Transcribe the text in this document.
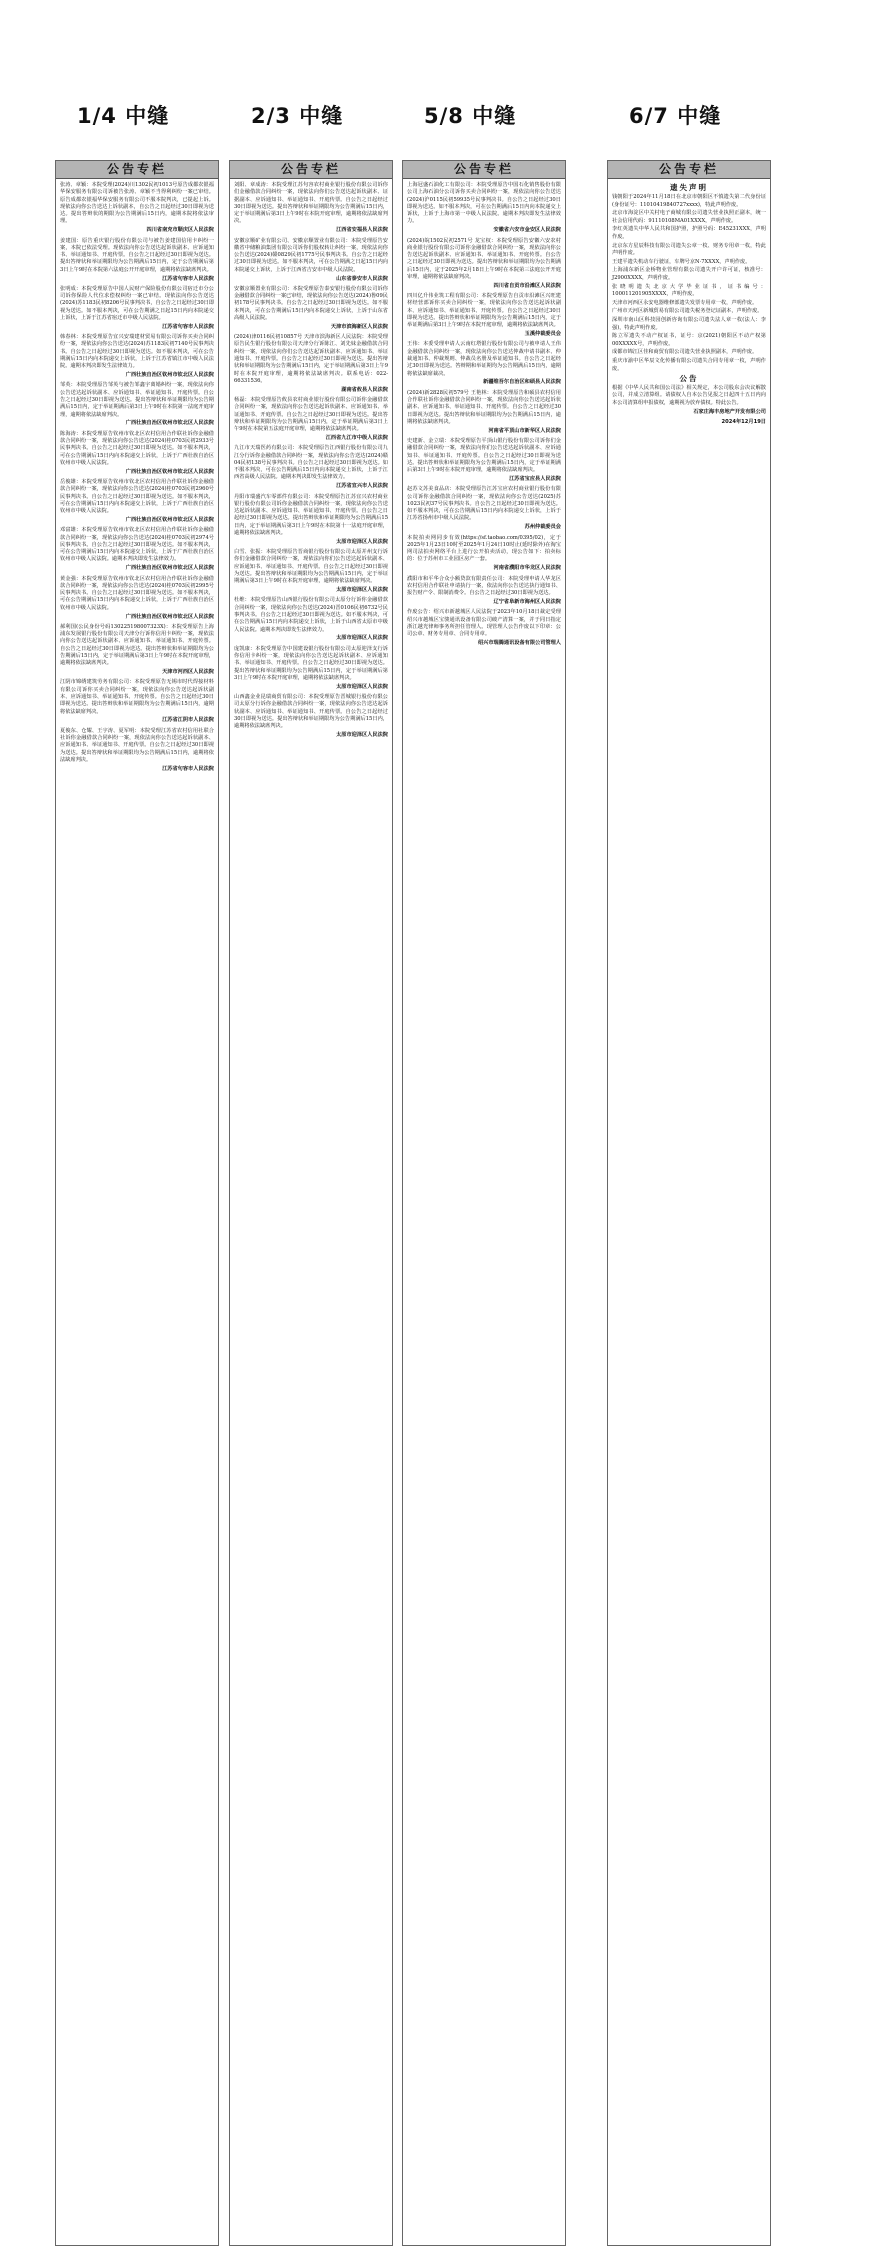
1/4 中缝
公告专栏

张涛、章颖：本院受理(2024)川1302民初1013号原告成都农银福华保安服务有限公司诉被告张涛、章颖不当得利纠纷一案已审结。原告成都农银福华保安服务有限公司不服本院判决，已提起上诉。现依法向你公告送达上诉状副本，自公告之日起经过30日即视为送达。提出答辩状的期限为公告期满后15日内，逾期本院将依法审理。

四川省南充市顺庆区人民法院

姜建国：原告重庆银行股份有限公司与被告姜建国信用卡纠纷一案，本院已依法受理。现依法向你公告送达起诉状副本、应诉通知书、举证通知书、开庭传票。自公告之日起经过30日即视为送达。提出答辩状和举证期限均为公告期满后15日内，定于公告期满后第3日上午9时在本院第六法庭公开开庭审理，逾期将依法缺席判决。

江苏省句容市人民法院

张明成：本院受理原告中国人民财产保险股份有限公司宿迁市分公司诉你保险人代位求偿权纠纷一案已审结。现依法向你公告送达(2024)苏1183民初8206号民事判决书，自公告之日起经过30日即视为送达。如不服本判决，可在公告期满之日起15日内向本院递交上诉状，上诉于江苏省宿迁市中级人民法院。

江苏省句容市人民法院

韩春林：本院受理原告宜兴安瑞建材贸易有限公司诉你买卖合同纠纷一案，现依法向你公告送达(2024)苏1183民初7140号民事判决书。自公告之日起经过30日即视为送达。如不服本判决，可在公告期满后15日内向本院递交上诉状，上诉于江苏省镇江市中级人民法院。逾期本判决即发生法律效力。

广西壮族自治区钦州市钦北区人民法院

邹英：本院受理原告邹英与被告邹鑫宇离婚纠纷一案，现依法向你公告送达起诉状副本、应诉通知书、举证通知书、开庭传票。自公告之日起经过30日即视为送达。提出答辩状和举证期限均为公告期满后15日内，定于举证期满后第3日上午9时在本院第一法庭开庭审理，逾期将依法缺席判决。

广西壮族自治区钦州市钦北区人民法院

陈海涛：本院受理原告钦州市钦北区农村信用合作联社诉你金融借款合同纠纷一案，现依法向你公告送达(2024)桂0703民初2933号民事判决书。自公告之日起经过30日即视为送达。如不服本判决，可在公告期满后15日内向本院递交上诉状，上诉于广西壮族自治区钦州市中级人民法院。

广西壮族自治区钦州市钦北区人民法院

岳俊雄：本院受理原告钦州市钦北区农村信用合作联社诉你金融借款合同纠纷一案，现依法向你公告送达(2024)桂0703民初2960号民事判决书。自公告之日起经过30日即视为送达。如不服本判决，可在公告期满后15日内向本院递交上诉状，上诉于广西壮族自治区钦州市中级人民法院。

广西壮族自治区钦州市钦北区人民法院

邓富雄：本院受理原告钦州市钦北区农村信用合作联社诉你金融借款合同纠纷一案，现依法向你公告送达(2024)桂0703民初2974号民事判决书。自公告之日起经过30日即视为送达。如不服本判决，可在公告期满后15日内向本院递交上诉状，上诉于广西壮族自治区钦州市中级人民法院。逾期本判决即发生法律效力。

广西壮族自治区钦州市钦北区人民法院

黄金强：本院受理原告钦州市钦北区农村信用合作联社诉你金融借款合同纠纷一案，现依法向你公告送达(2024)桂0703民初2995号民事判决书。自公告之日起经过30日即视为送达。如不服本判决，可在公告期满后15日内向本院递交上诉状，上诉于广西壮族自治区钦州市中级人民法院。

广西壮族自治区钦州市钦北区人民法院

郝利国(公民身份号码130225198007323X)：本院受理原告上海浦东发展银行股份有限公司天津分行诉你信用卡纠纷一案，现依法向你公告送达起诉状副本、应诉通知书、举证通知书、开庭传票。自公告之日起经过30日即视为送达。提出答辩状和举证期限均为公告期满后15日内，定于举证期满后第3日上午9时在本院开庭审理，逾期将依法缺席判决。

天津市河西区人民法院

江阴市锦绣建筑劳务有限公司：本院受理原告无锡市时代焊接材料有限公司诉你买卖合同纠纷一案，现依法向你公告送达起诉状副本、应诉通知书、举证通知书、开庭传票。自公告之日起经过30日即视为送达。提出答辩状和举证期限均为公告期满后15日内，逾期将依法缺席判决。

江苏省江阴市人民法院

夏俊东、仓耀、王宇涛、夏军明：本院受理江苏省农村信用社联合社诉你金融借款合同纠纷一案，现依法向你公告送达起诉状副本、应诉通知书、举证通知书、开庭传票。自公告之日起经过30日即视为送达。提出答辩状和举证期限均为公告期满后15日内，逾期将依法缺席判决。

江苏省句容市人民法院

2/3 中缝
公告专栏

刘阳、章成涛：本院受理江苏句容农村商业银行股份有限公司诉你们金融借款合同纠纷一案，现依法向你们公告送达起诉状副本、证据副本、应诉通知书、举证通知书、开庭传票。自公告之日起经过30日即视为送达。提出答辩状和举证期限均为公告期满后15日内，定于举证期满后第3日上午9时在本院开庭审理，逾期将依法缺席判决。

江西省安福县人民法院

安徽京顺矿业有限公司、安徽京顺置业有限公司：本院受理原告安徽省中储粮油集团有限公司诉你们股权转让纠纷一案，现依法向你公告送达(2024)赣0829民初1775号民事判决书。自公告之日起经过30日即视为送达。如不服本判决，可在公告期满之日起15日内向本院递交上诉状，上诉于江西省吉安市中级人民法院。

山东省泰安市人民法院

安徽京顺置业有限公司：本院受理原告泰安银行股份有限公司诉你金融借款合同纠纷一案已审结，现依法向你公告送达(2024)鲁09民初178号民事判决书。自公告之日起经过30日即视为送达。如不服本判决，可在公告期满后15日内向本院递交上诉状，上诉于山东省高级人民法院。

天津市滨海新区人民法院

(2024)津0116民初10857号 天津市滨海新区人民法院：本院受理原告民生银行股份有限公司天津分行诉陈江、刘先妹金融借款合同纠纷一案，现依法向你们公告送达起诉状副本、应诉通知书、举证通知书、开庭传票。自公告之日起经过30日即视为送达。提出答辩状和举证期限均为公告期满后15日内，定于举证期满后第3日上午9时在本院开庭审理，逾期将依法缺席判决。联系电话：022-66331536。

湖南省攸县人民法院

杨磊：本院受理原告攸县农村商业银行股份有限公司诉你金融借款合同纠纷一案，现依法向你公告送达起诉状副本、应诉通知书、举证通知书、开庭传票。自公告之日起经过30日即视为送达。提出答辩状和举证期限均为公告期满后15日内，定于举证期满后第3日上午9时在本院第五法庭开庭审理，逾期将依法缺席判决。

江西省九江市中级人民法院

九江市天瑞医药有限公司：本院受理原告江西银行股份有限公司九江分行诉你金融借款合同纠纷一案，现依法向你公告送达(2024)赣04民初138号民事判决书。自公告之日起经过30日即视为送达。如不服本判决，可在公告期满后15日内向本院递交上诉状，上诉于江西省高级人民法院。逾期本判决即发生法律效力。

江苏省宜兴市人民法院

丹阳市瑞盛汽车零部件有限公司：本院受理原告江苏宜兴农村商业银行股份有限公司诉你金融借款合同纠纷一案，现依法向你公告送达起诉状副本、应诉通知书、举证通知书、开庭传票。自公告之日起经过30日即视为送达。提出答辩状和举证期限均为公告期满后15日内，定于举证期满后第3日上午9时在本院第十一法庭开庭审理，逾期将依法缺席判决。

太原市迎泽区人民法院

白雪、张振：本院受理原告晋商银行股份有限公司太原并州支行诉你们金融借款合同纠纷一案，现依法向你们公告送达起诉状副本、应诉通知书、举证通知书、开庭传票。自公告之日起经过30日即视为送达。提出答辩状和举证期限均为公告期满后15日内，定于举证期满后第3日上午9时在本院开庭审理，逾期将依法缺席判决。

太原市迎泽区人民法院

杜维：本院受理原告山西银行股份有限公司太原分行诉你金融借款合同纠纷一案，现依法向你公告送达(2024)晋0106民初6732号民事判决书。自公告之日起经过30日即视为送达。如不服本判决，可在公告期满后15日内向本院递交上诉状，上诉于山西省太原市中级人民法院。逾期本判决即发生法律效力。

太原市迎泽区人民法院

庞凯康：本院受理原告中国建设银行股份有限公司太原迎泽支行诉你信用卡纠纷一案，现依法向你公告送达起诉状副本、应诉通知书、举证通知书、开庭传票。自公告之日起经过30日即视为送达。提出答辩状和举证期限均为公告期满后15日内，定于举证期满后第3日上午9时在本院开庭审理，逾期将依法缺席判决。

太原市迎泽区人民法院

山西鑫金业昆瑞商贸有限公司：本院受理原告晋城银行股份有限公司太原分行诉你金融借款合同纠纷一案，现依法向你公告送达起诉状副本、应诉通知书、举证通知书、开庭传票。自公告之日起经过30日即视为送达。提出答辩状和举证期限均为公告期满后15日内，逾期将依法缺席判决。

太原市迎泽区人民法院

5/8 中缝
公告专栏

上海冠盛石油化工有限公司：本院受理原告中国石化销售股份有限公司上海石油分公司诉你买卖合同纠纷一案，现依法向你公告送达(2024)沪0115民初59935号民事判决书。自公告之日起经过30日即视为送达。如不服本判决，可在公告期满后15日内向本院递交上诉状，上诉于上海市第一中级人民法院。逾期本判决即发生法律效力。

安徽省六安市金安区人民法院

(2024)皖1502民初2571号 龙宝权：本院受理原告安徽六安农村商业银行股份有限公司诉你金融借款合同纠纷一案，现依法向你公告送达起诉状副本、应诉通知书、举证通知书、开庭传票。自公告之日起经过30日即视为送达。提出答辩状和举证期限均为公告期满后15日内，定于2025年2月18日上午9时在本院第三法庭公开开庭审理，逾期将依法缺席判决。

四川省自贡市沿滩区人民法院

四川亿升伟业筑工程有限公司：本院受理原告自贡市沿滩区兴旺建材经营部诉你买卖合同纠纷一案，现依法向你公告送达起诉状副本、应诉通知书、举证通知书、开庭传票。自公告之日起经过30日即视为送达。提出答辩状和举证期限均为公告期满后15日内，定于举证期满后第3日上午9时在本院开庭审理，逾期将依法缺席判决。

玉溪仲裁委员会

王伟：本委受理申请人云南红塔银行股份有限公司与被申请人王伟金融借款合同纠纷一案，现依法向你公告送达仲裁申请书副本、仲裁通知书、仲裁规则、仲裁员名册及举证通知书。自公告之日起经过30日即视为送达。答辩期和举证期均为公告期满后15日内，逾期将依法缺席裁决。

新疆维吾尔自治区和硕县人民法院

(2024)新2828民初579号 王艳林：本院受理原告和硕县农村信用合作联社诉你金融借款合同纠纷一案，现依法向你公告送达起诉状副本、应诉通知书、举证通知书、开庭传票。自公告之日起经过30日即视为送达。提出答辩状和举证期限均为公告期满后15日内，逾期将依法缺席判决。

河南省平顶山市新华区人民法院

史建新、金立瑞：本院受理原告平顶山银行股份有限公司诉你们金融借款合同纠纷一案，现依法向你们公告送达起诉状副本、应诉通知书、举证通知书、开庭传票。自公告之日起经过30日即视为送达。提出答辩状和举证期限均为公告期满后15日内，定于举证期满后第3日上午9时在本院开庭审理，逾期将依法缺席判决。

江苏省宝应县人民法院

赵苏文苏美食品店：本院受理原告江苏宝应农村商业银行股份有限公司诉你金融借款合同纠纷一案，现依法向你公告送达(2025)苏1023民初37号民事判决书。自公告之日起经过30日即视为送达。如不服本判决，可在公告期满后15日内向本院递交上诉状，上诉于江苏省扬州市中级人民法院。

苏州仲裁委员会

本院拍卖网同步有效(https://sf.taobao.com/0395/02)，定于2025年1月23日10时至2025年1月24日10时止(延时除外)在淘宝网司法拍卖网络平台上进行公开拍卖活动，现公告如下：拍卖标的：位于苏州市工业园区房产一套。

河南省濮阳市华龙区人民法院

濮阳市和平华合众小额贷款有限责任公司：本院受理申请人华龙区农村信用合作联社申请执行一案，依法向你公告送达执行通知书、报告财产令、限制消费令。自公告之日起经过30日即视为送达。

辽宁省阜新市海州区人民法院

作废公告：绍兴市新越城区人民法院于2023年10月18日裁定受理绍兴市越城区宝骏通讯设备有限公司破产清算一案，并于同日指定浙江越光律师事务所担任管理人。现管理人公告作废以下印章：公司公章、财务专用章、合同专用章。

绍兴市瑞腾通讯设备有限公司管理人

6/7 中缝
公告专栏
遗失声明

钱朝阳于2024年11月18日在北京市朝阳区不慎遗失第二代身份证(身份证号：11010419840727xxxx)，特此声明作废。

北京市海淀区中关村电子商城有限公司遗失营业执照正副本，统一社会信用代码：91110108MA01XXXX，声明作废。

李红英遗失中华人民共和国护照，护照号码：E45231XXX，声明作废。

北京东方星辰科技有限公司遗失公章一枚、财务专用章一枚，特此声明作废。

王建平遗失机动车行驶证，车牌号京N·7XXXX，声明作废。

上海浦东新区金桥物业管理有限公司遗失开户许可证，核准号：J2900XXXX，声明作废。

张晓明遗失北京大学毕业证书，证书编号：100011201905XXXX，声明作废。

天津市河西区永安电器维修部遗失发票专用章一枚，声明作废。

广州市天河区新城贸易有限公司遗失税务登记证副本，声明作废。

深圳市南山区科技园创新咨询有限公司遗失法人章一枚(法人：李强)，特此声明作废。

陈立军遗失不动产权证书，证号：京(2021)朝阳区不动产权第00XXXXX号，声明作废。

成都市锦江区佳和商贸有限公司遗失营业执照副本，声明作废。

重庆市渝中区华辰文化传播有限公司遗失合同专用章一枚，声明作废。

公告

根据《中华人民共和国公司法》相关规定，本公司股东会决议解散公司，并成立清算组。请债权人自本公告见报之日起四十五日内向本公司清算组申报债权，逾期视为放弃债权。特此公告。

石家庄海丰房地产开发有限公司

2024年12月19日
